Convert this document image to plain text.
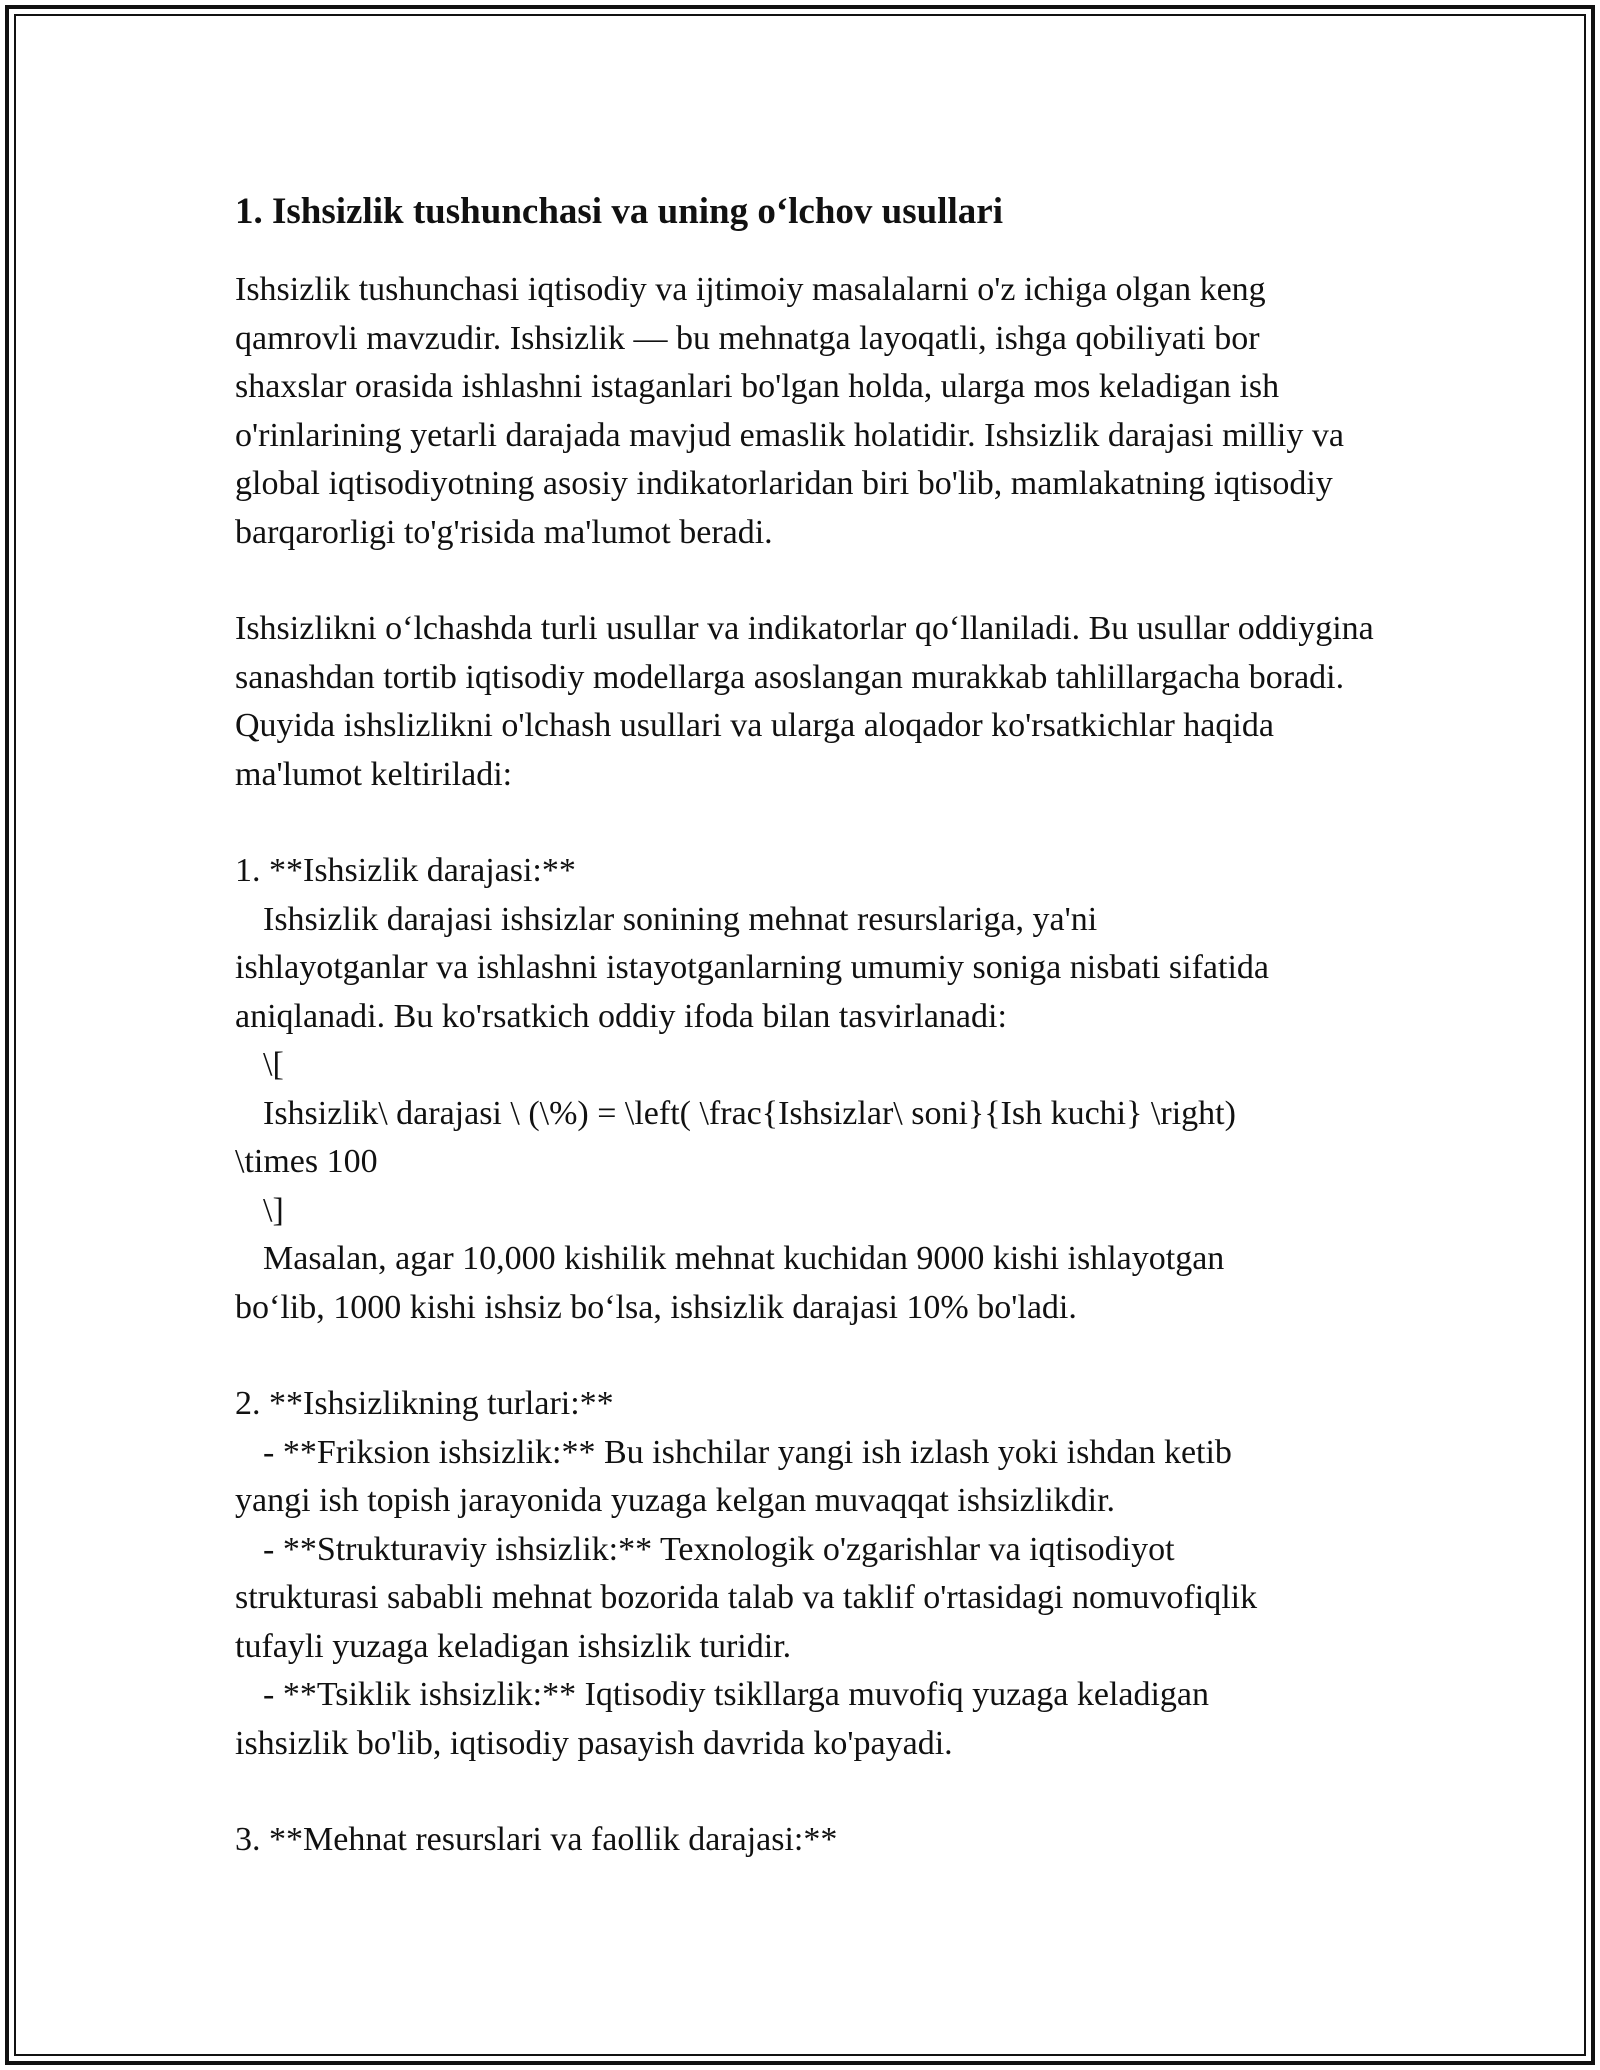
1. Ishsizlik tushunchasi va uning o‘lchov usullari

Ishsizlik tushunchasi iqtisodiy va ijtimoiy masalalarni o'z ichiga olgan keng qamrovli mavzudir. Ishsizlik — bu mehnatga layoqatli, ishga qobiliyati bor shaxslar orasida ishlashni istaganlari bo'lgan holda, ularga mos keladigan ish o'rinlarining yetarli darajada mavjud emaslik holatidir. Ishsizlik darajasi milliy va global iqtisodiyotning asosiy indikatorlaridan biri bo'lib, mamlakatning iqtisodiy barqarorligi to'g'risida ma'lumot beradi.

Ishsizlikni o‘lchashda turli usullar va indikatorlar qo‘llaniladi. Bu usullar oddiygina sanashdan tortib iqtisodiy modellarga asoslangan murakkab tahlillargacha boradi. Quyida ishslizlikni o'lchash usullari va ularga aloqador ko'rsatkichlar haqida ma'lumot keltiriladi:

1. **Ishsizlik darajasi:**
Ishsizlik darajasi ishsizlar sonining mehnat resurslariga, ya'ni
ishlayotganlar va ishlashni istayotganlarning umumiy soniga nisbati sifatida
aniqlanadi. Bu ko'rsatkich oddiy ifoda bilan tasvirlanadi:
\[
Ishsizlik\ darajasi \ (\%) = \left( \frac{Ishsizlar\ soni}{Ish kuchi} \right)
\times 100
\]
Masalan, agar 10,000 kishilik mehnat kuchidan 9000 kishi ishlayotgan
bo‘lib, 1000 kishi ishsiz bo‘lsa, ishsizlik darajasi 10% bo'ladi.
2. **Ishsizlikning turlari:**
- **Friksion ishsizlik:** Bu ishchilar yangi ish izlash yoki ishdan ketib
yangi ish topish jarayonida yuzaga kelgan muvaqqat ishsizlikdir.
- **Strukturaviy ishsizlik:** Texnologik o'zgarishlar va iqtisodiyot
strukturasi sababli mehnat bozorida talab va taklif o'rtasidagi nomuvofiqlik
tufayli yuzaga keladigan ishsizlik turidir.
- **Tsiklik ishsizlik:** Iqtisodiy tsikllarga muvofiq yuzaga keladigan
ishsizlik bo'lib, iqtisodiy pasayish davrida ko'payadi.
3. **Mehnat resurslari va faollik darajasi:**
